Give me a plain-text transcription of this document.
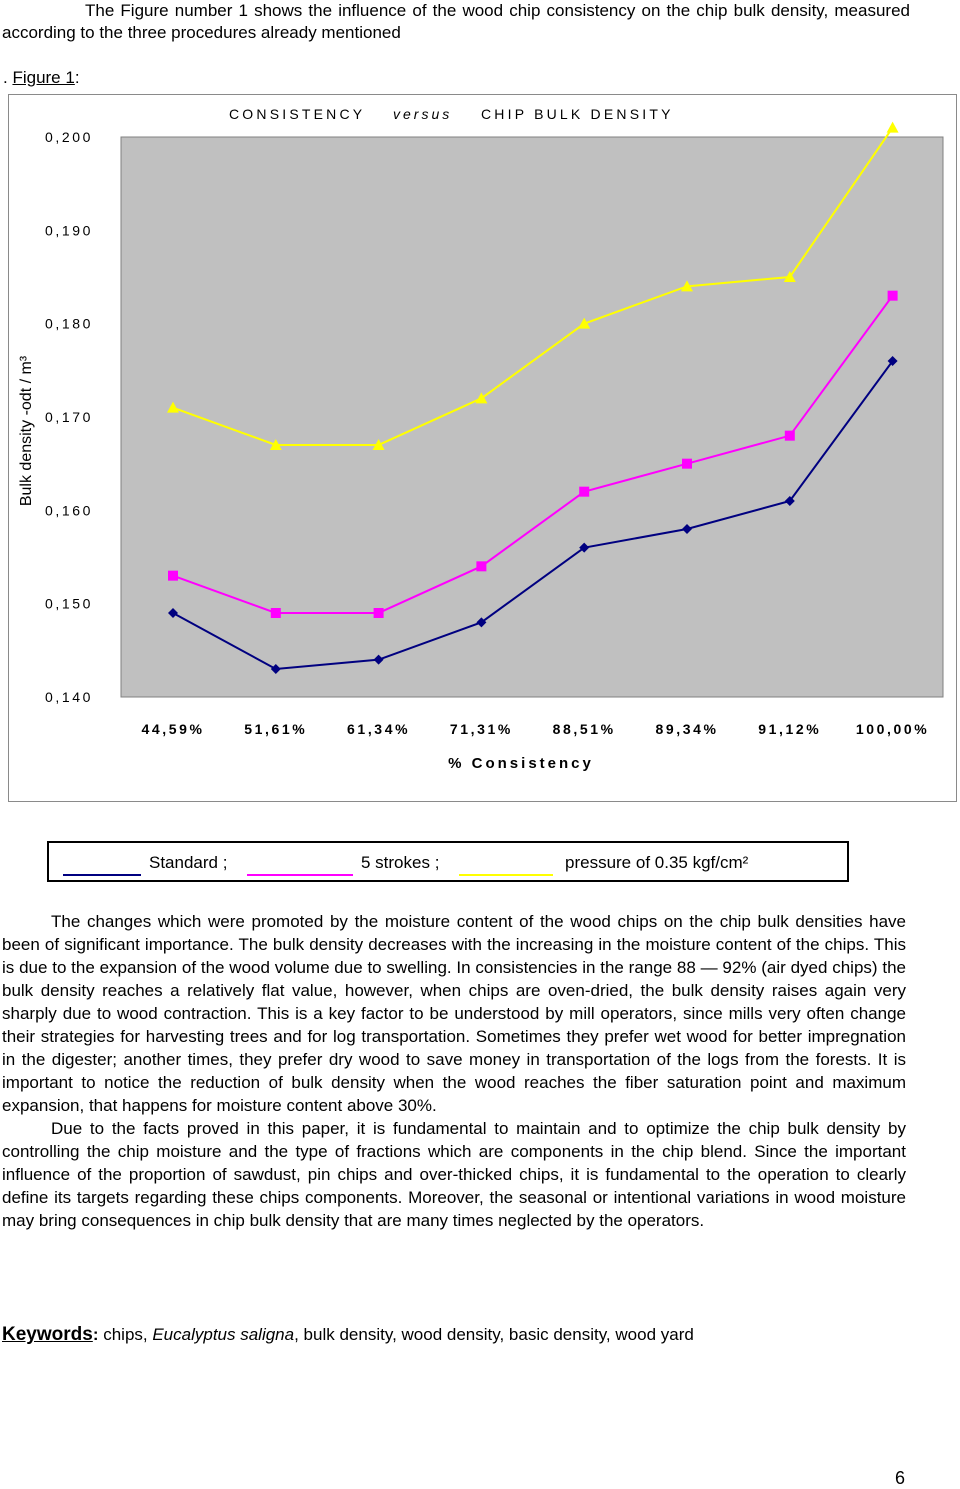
The Figure number 1 shows the influence of the wood chip consistency on the chip bulk density, measured according to the three procedures already mentioned

. Figure 1:
CONSISTENCY versus CHIP BULK DENSITY
0,140
0,150
0,160
0,170
0,180
0,190
0,200
44,59%	51,61%	61,34%	71,31%	88,51%	89,34%	91,12% 100,00%
Bulk density -odt / m³
% Consistency
Standard ;	5 strokes ;	pressure of 0.35 kgf/cm²

The changes which were promoted by the moisture content of the wood chips on the chip bulk densities have been of significant importance. The bulk density decreases with the increasing in the moisture content of the chips. This is due to the expansion of the wood volume due to swelling. In consistencies in the range 88 — 92% (air dyed chips) the bulk density reaches a relatively flat value, however, when chips are oven-dried, the bulk density raises again very sharply due to wood contraction. This is a key factor to be understood by mill operators, since mills very often change their strategies for harvesting trees and for log transportation. Sometimes they prefer wet wood for better impregnation in the digester; another times, they prefer dry wood to save money in transportation of the logs from the forests. It is important to notice the reduction of bulk density when the wood reaches the fiber saturation point and maximum expansion, that happens for moisture content above 30%.

Due to the facts proved in this paper, it is fundamental to maintain and to optimize the chip bulk density by controlling the chip moisture and the type of fractions which are components in the chip blend. Since the important influence of the proportion of sawdust, pin chips and over-thicked chips, it is fundamental to the operation to clearly define its targets regarding these chips components. Moreover, the seasonal or intentional variations in wood moisture may bring consequences in chip bulk density that are many times neglected by the operators.

Keywords: chips, Eucalyptus saligna, bulk density, wood density, basic density, wood yard
6
